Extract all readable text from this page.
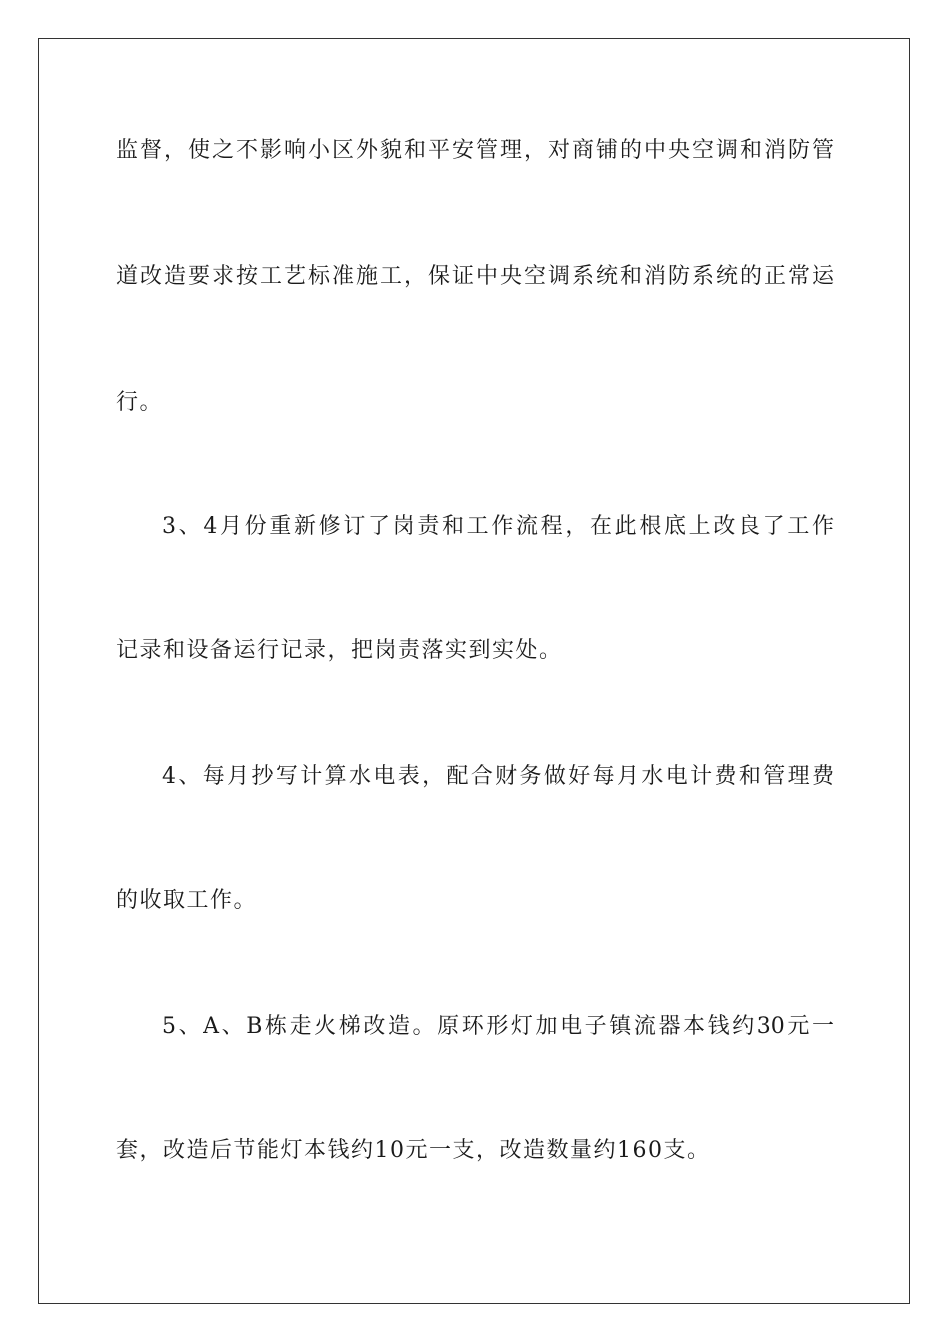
监督，使之不影响小区外貌和平安管理，对商铺的中央空调和消防管
道改造要求按工艺标准施工，保证中央空调系统和消防系统的正常运
行。
3、4月份重新修订了岗责和工作流程，在此根底上改良了工作
记录和设备运行记录，把岗责落实到实处。
4、每月抄写计算水电表，配合财务做好每月水电计费和管理费
的收取工作。
5、A、B栋走火梯改造。原环形灯加电子镇流器本钱约30元一
套，改造后节能灯本钱约10元一支，改造数量约160支。
